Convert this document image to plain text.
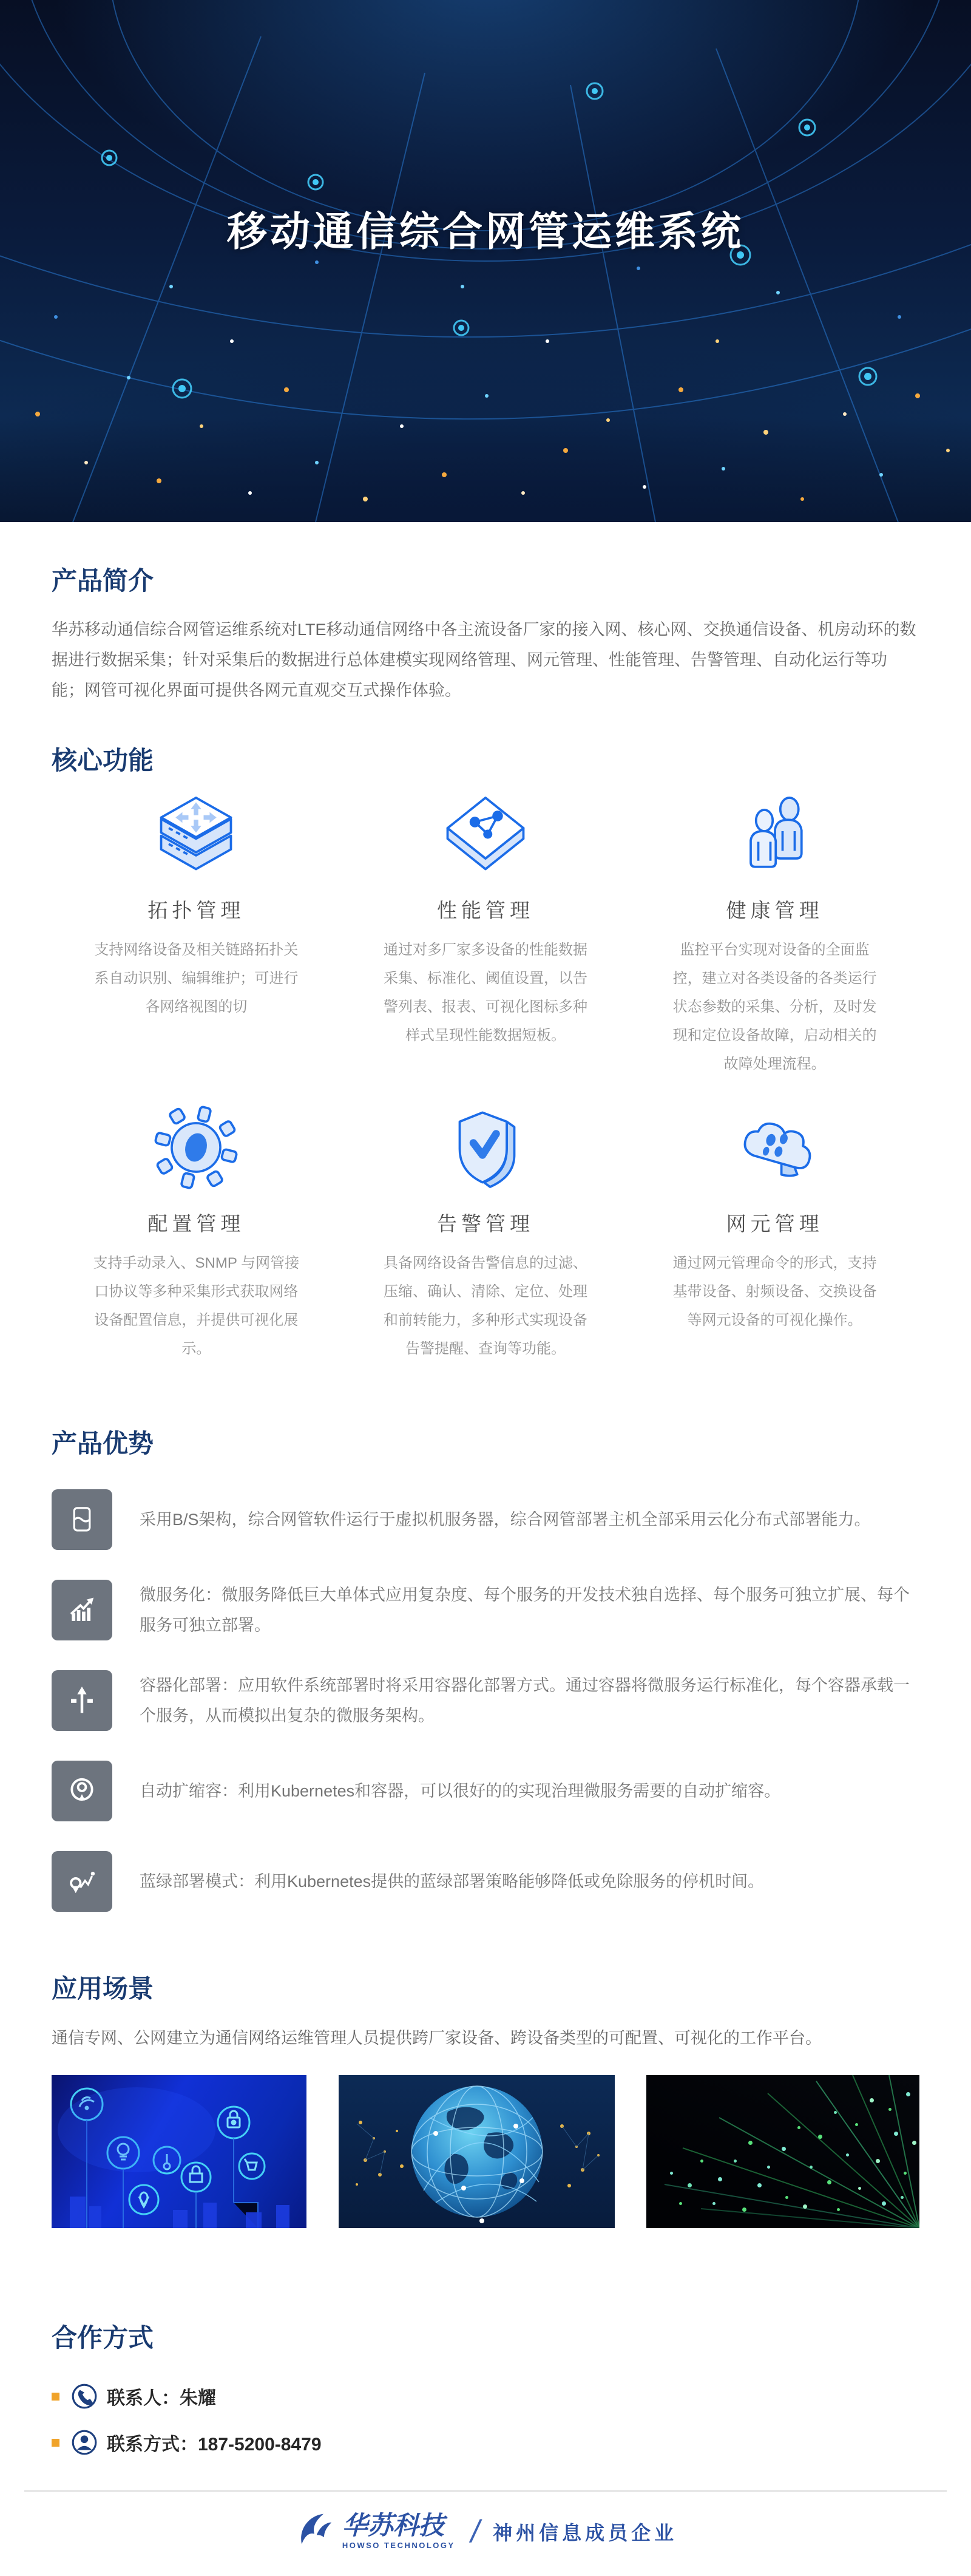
移动通信综合网管运维系统
产品简介
华苏移动通信综合网管运维系统对LTE移动通信网络中各主流设备厂家的接入网、核心网、交换通信设备、机房动环的数据进行数据采集；针对采集后的数据进行总体建模实现网络管理、网元管理、性能管理、告警管理、自动化运行等功能；网管可视化界面可提供各网元直观交互式操作体验。
核心功能
拓扑管理
支持网络设备及相关链路拓扑关系自动识别、编辑维护；可进行各网络视图的切
性能管理
通过对多厂家多设备的性能数据采集、标准化、阈值设置，以告警列表、报表、可视化图标多种样式呈现性能数据短板。
健康管理
监控平台实现对设备的全面监控，建立对各类设备的各类运行状态参数的采集、分析，及时发现和定位设备故障，启动相关的故障处理流程。
配置管理
支持手动录入、SNMP 与网管接口协议等多种采集形式获取网络设备配置信息，并提供可视化展示。
告警管理
具备网络设备告警信息的过滤、压缩、确认、清除、定位、处理和前转能力，多种形式实现设备告警提醒、查询等功能。
网元管理
通过网元管理命令的形式，支持基带设备、射频设备、交换设备等网元设备的可视化操作。
产品优势
采用B/S架构，综合网管软件运行于虚拟机服务器，综合网管部署主机全部采用云化分布式部署能力。
微服务化：微服务降低巨大单体式应用复杂度、每个服务的开发技术独自选择、每个服务可独立扩展、每个服务可独立部署。
容器化部署：应用软件系统部署时将采用容器化部署方式。通过容器将微服务运行标准化，每个容器承载一个服务，从而模拟出复杂的微服务架构。
自动扩缩容：利用Kubernetes和容器，可以很好的的实现治理微服务需要的自动扩缩容。
蓝绿部署模式：利用Kubernetes提供的蓝绿部署策略能够降低或免除服务的停机时间。
应用场景
通信专网、公网建立为通信网络运维管理人员提供跨厂家设备、跨设备类型的可配置、可视化的工作平台。
合作方式
联系人：朱耀
联系方式：187-5200-8479
华苏科技
HOWSO TECHNOLOGY / 神州信息成员企业
